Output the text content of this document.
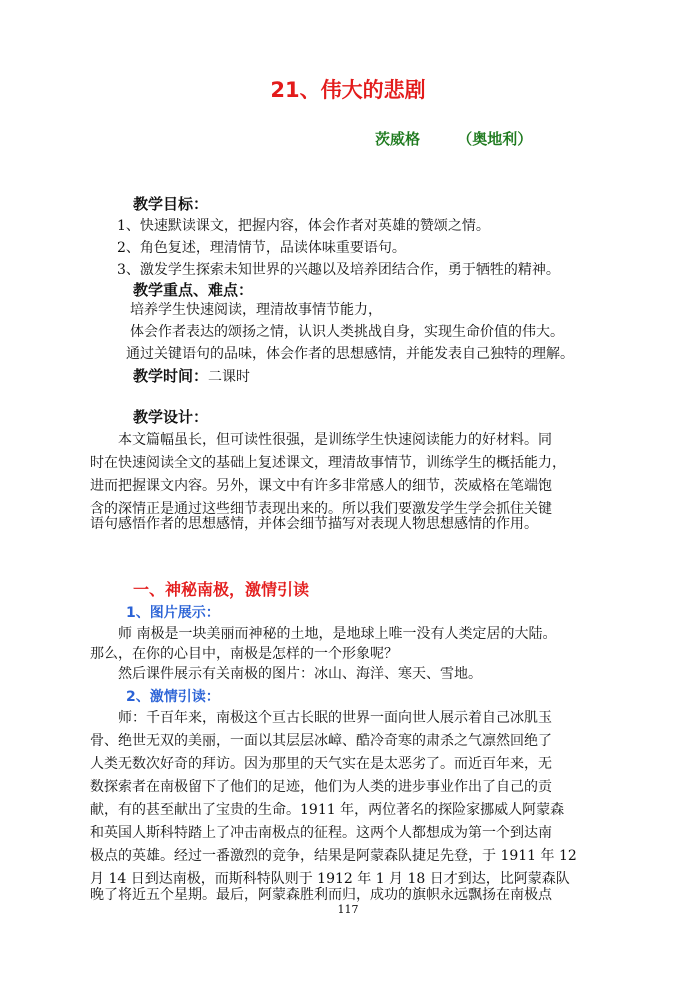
21、伟大的悲剧
茨威格 （奥地利）
教学目标：
1、快速默读课文，把握内容，体会作者对英雄的赞颂之情。
2、角色复述，理清情节，品读体味重要语句。
3、激发学生探索未知世界的兴趣以及培养团结合作，勇于牺牲的精神。
教学重点、难点：
培养学生快速阅读，理清故事情节能力，
体会作者表达的颂扬之情，认识人类挑战自身，实现生命价值的伟大。
通过关键语句的品味，体会作者的思想感情，并能发表自己独特的理解。
教学时间：二课时
教学设计：
本文篇幅虽长，但可读性很强，是训练学生快速阅读能力的好材料。同
时在快速阅读全文的基础上复述课文，理清故事情节，训练学生的概括能力，
进而把握课文内容。另外，课文中有许多非常感人的细节，茨威格在笔端饱
含的深情正是通过这些细节表现出来的。所以我们要激发学生学会抓住关键
语句感悟作者的思想感情，并体会细节描写对表现人物思想感情的作用。
一、神秘南极，激情引读
1、图片展示：
师 南极是一块美丽而神秘的土地，是地球上唯一没有人类定居的大陆。
那么，在你的心目中，南极是怎样的一个形象呢？
然后课件展示有关南极的图片：冰山、海洋、寒天、雪地。
2、激情引读：
师：千百年来，南极这个亘古长眠的世界一面向世人展示着自己冰肌玉
骨、绝世无双的美丽，一面以其层层冰嶂、酷冷奇寒的肃杀之气凛然回绝了
人类无数次好奇的拜访。因为那里的天气实在是太恶劣了。而近百年来，无
数探索者在南极留下了他们的足迹，他们为人类的进步事业作出了自己的贡
献，有的甚至献出了宝贵的生命。1911 年，两位著名的探险家挪威人阿蒙森
和英国人斯科特踏上了冲击南极点的征程。这两个人都想成为第一个到达南
极点的英雄。经过一番激烈的竞争，结果是阿蒙森队捷足先登，于 1911 年 12
月 14 日到达南极，而斯科特队则于 1912 年 1 月 18 日才到达，比阿蒙森队
晚了将近五个星期。最后，阿蒙森胜利而归，成功的旗帜永远飘扬在南极点
117
